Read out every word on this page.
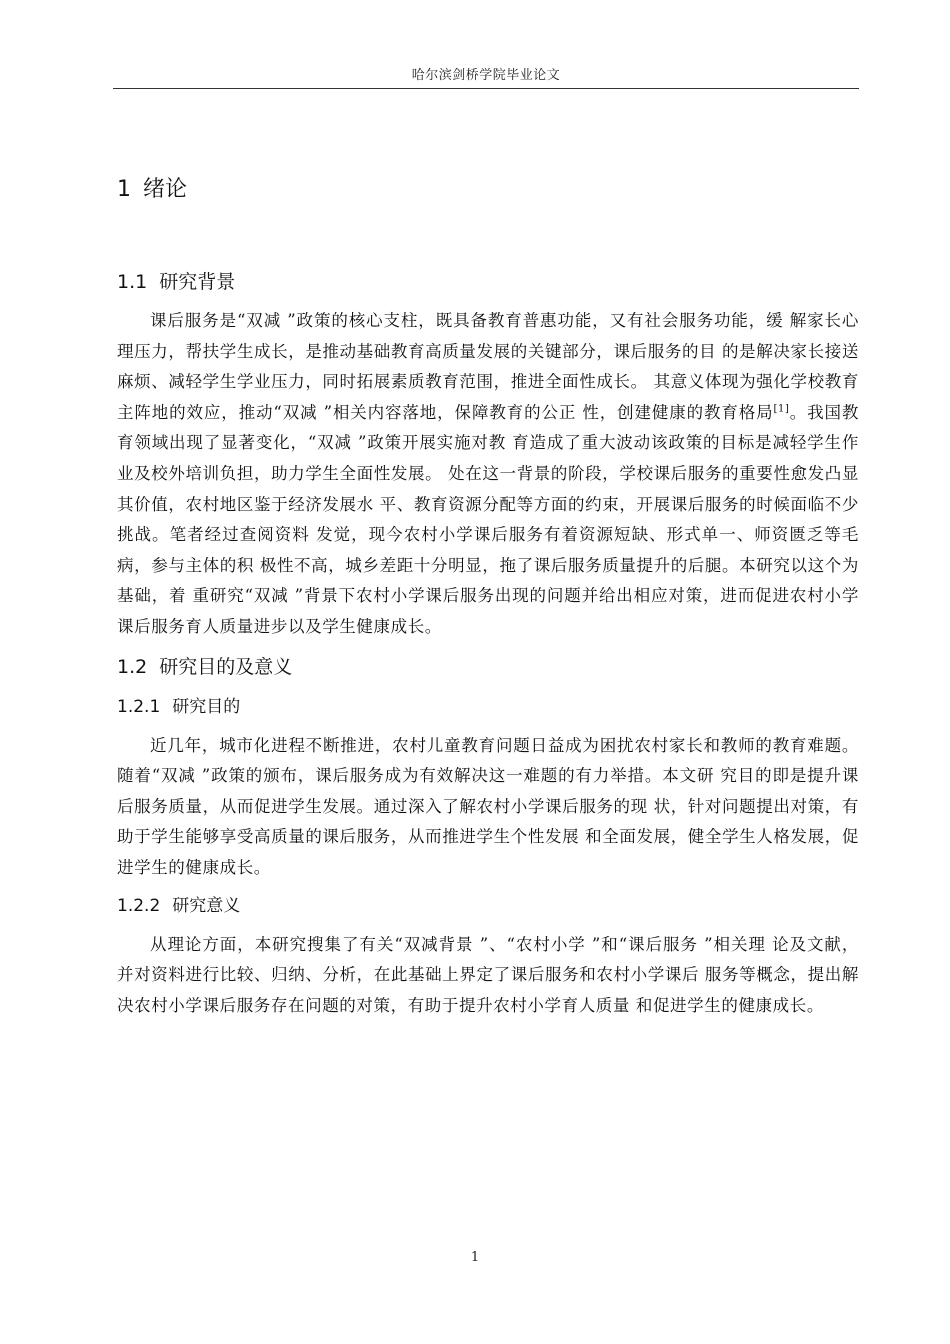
哈尔滨剑桥学院毕业论文
1 绪论
1.1 研究背景

课后服务是“双减 ”政策的核心支柱，既具备教育普惠功能，又有社会服务功能，缓 解家长心理压力，帮扶学生成长，是推动基础教育高质量发展的关键部分，课后服务的目 的是解决家长接送麻烦、减轻学生学业压力，同时拓展素质教育范围，推进全面性成长。 其意义体现为强化学校教育主阵地的效应，推动“双减 ”相关内容落地，保障教育的公正 性，创建健康的教育格局[1]。我国教育领域出现了显著变化，“双减 ”政策开展实施对教 育造成了重大波动该政策的目标是减轻学生作业及校外培训负担，助力学生全面性发展。 处在这一背景的阶段，学校课后服务的重要性愈发凸显其价值，农村地区鉴于经济发展水 平、教育资源分配等方面的约束，开展课后服务的时候面临不少挑战。笔者经过查阅资料 发觉，现今农村小学课后服务有着资源短缺、形式单一、师资匮乏等毛病，参与主体的积 极性不高，城乡差距十分明显，拖了课后服务质量提升的后腿。本研究以这个为基础，着 重研究“双减 ”背景下农村小学课后服务出现的问题并给出相应对策，进而促进农村小学 课后服务育人质量进步以及学生健康成长。

1.2 研究目的及意义
1.2.1 研究目的

近几年，城市化进程不断推进，农村儿童教育问题日益成为困扰农村家长和教师的教育难题。随着“双减 ”政策的颁布，课后服务成为有效解决这一难题的有力举措。本文研 究目的即是提升课后服务质量，从而促进学生发展。通过深入了解农村小学课后服务的现 状，针对问题提出对策，有助于学生能够享受高质量的课后服务，从而推进学生个性发展 和全面发展，健全学生人格发展，促进学生的健康成长。

1.2.2 研究意义

从理论方面，本研究搜集了有关“双减背景 ”、“农村小学 ”和“课后服务 ”相关理 论及文献，并对资料进行比较、归纳、分析，在此基础上界定了课后服务和农村小学课后 服务等概念，提出解决农村小学课后服务存在问题的对策，有助于提升农村小学育人质量 和促进学生的健康成长。

1
